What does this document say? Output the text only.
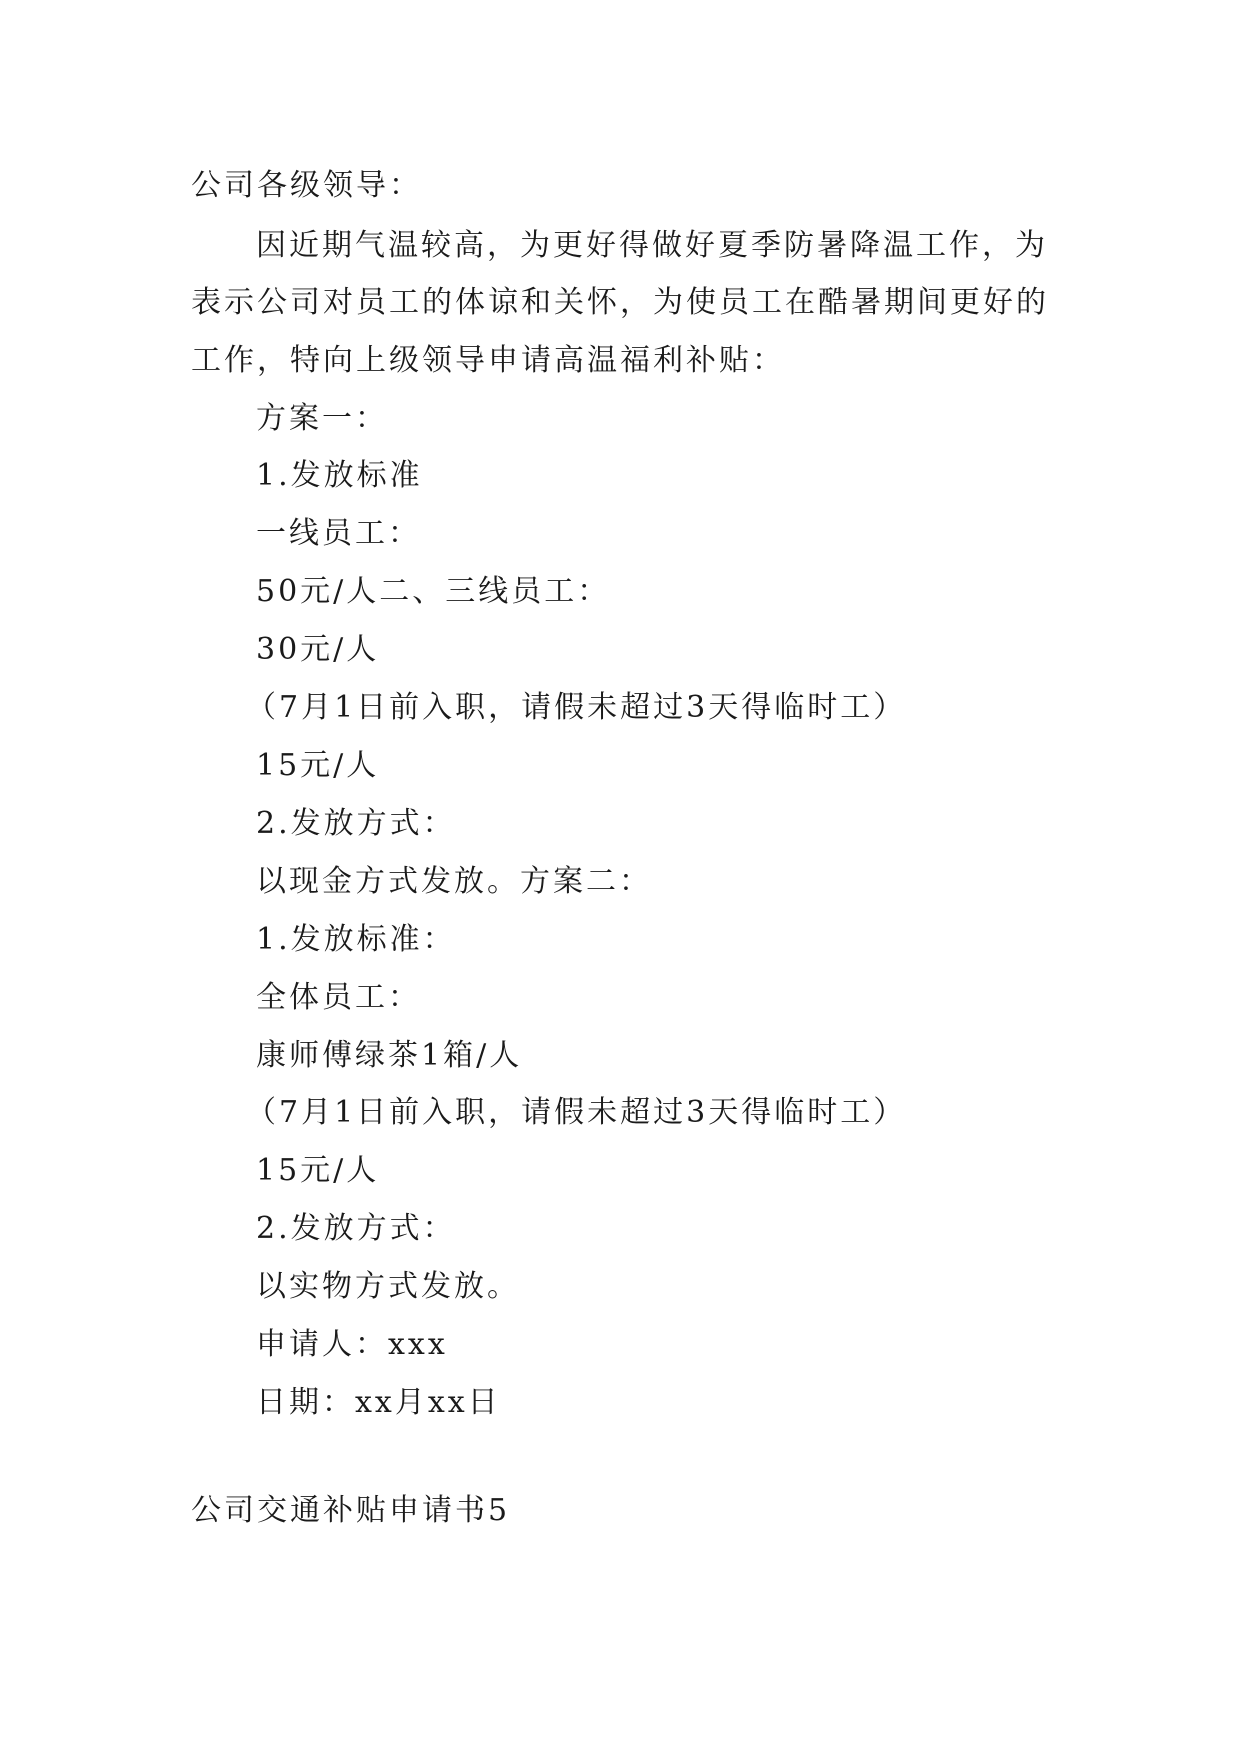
公司各级领导：
因近期气温较高，为更好得做好夏季防暑降温工作，为
表示公司对员工的体谅和关怀，为使员工在酷暑期间更好的
工作，特向上级领导申请高温福利补贴：
方案一：
1.发放标准
一线员工：
50元/人二、三线员工：
30元/人
（7月1日前入职，请假未超过3天得临时工）
15元/人
2.发放方式：
以现金方式发放。方案二：
1.发放标准：
全体员工：
康师傅绿茶1箱/人
（7月1日前入职，请假未超过3天得临时工）
15元/人
2.发放方式：
以实物方式发放。
申请人：xxx
日期：xx月xx日
公司交通补贴申请书5
